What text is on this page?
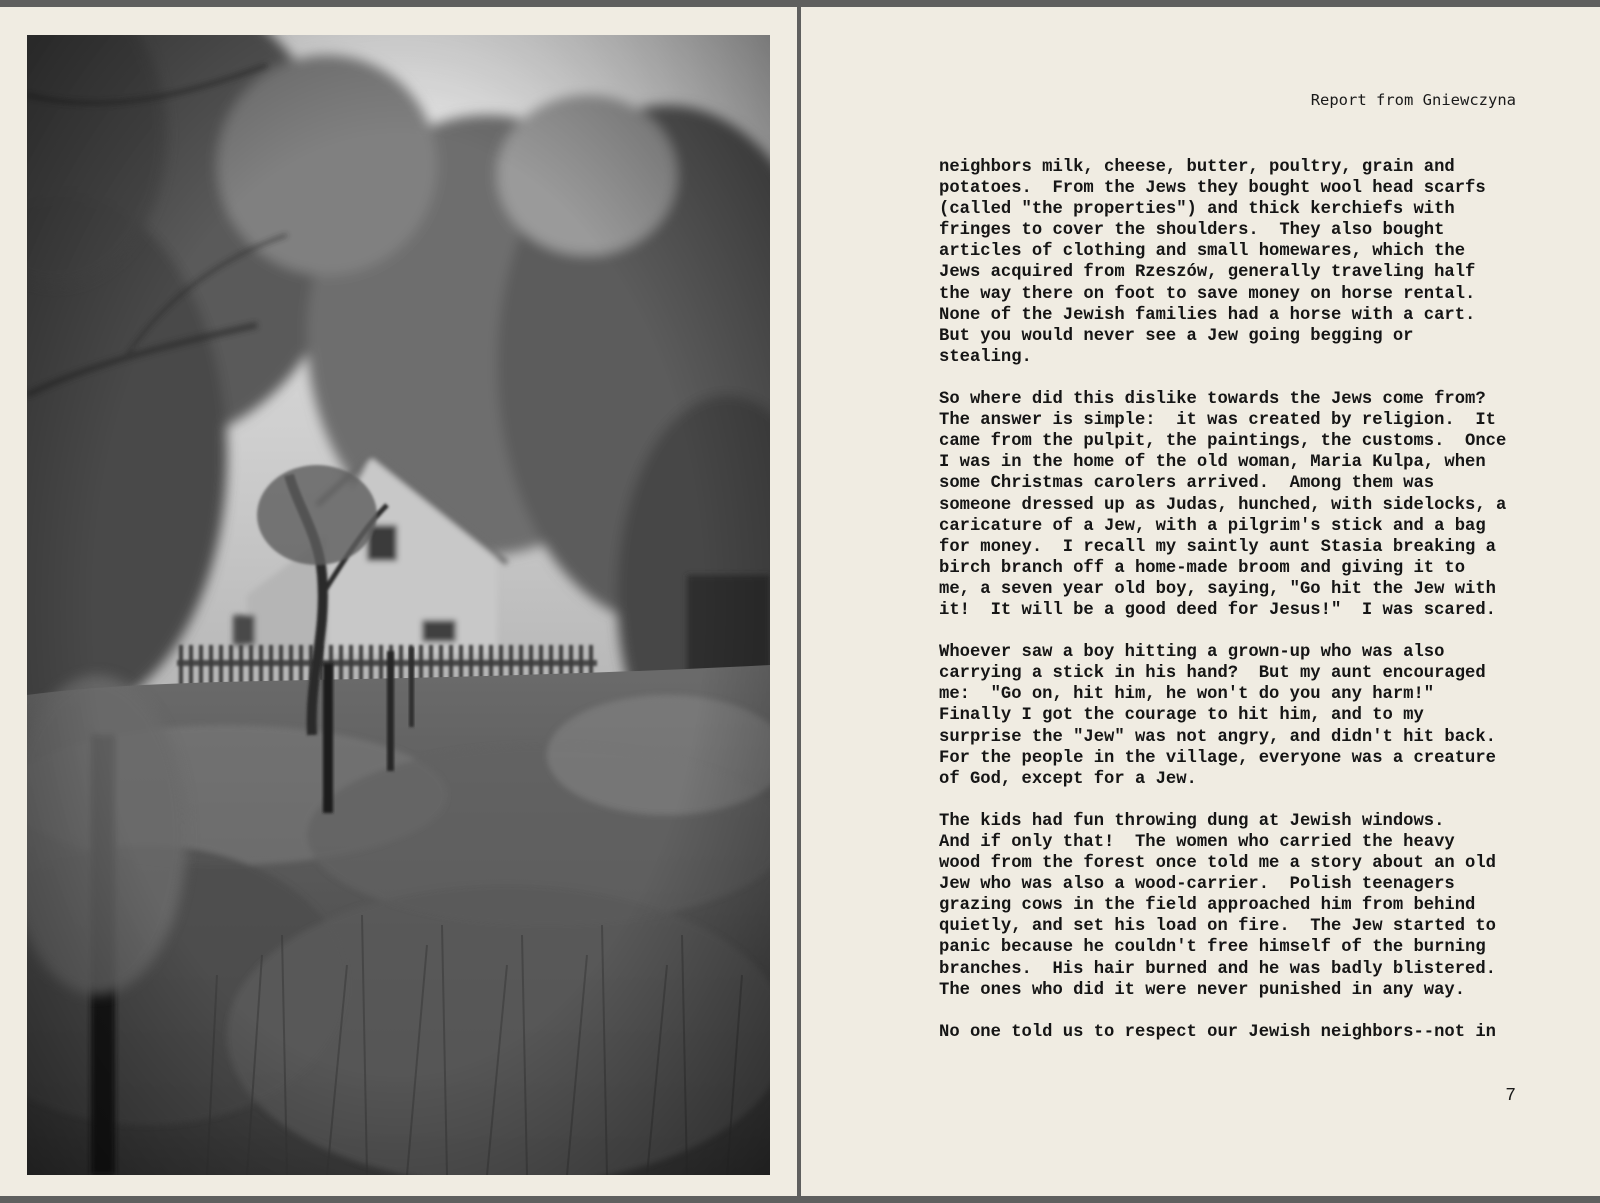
Report from Gniewczyna
neighbors milk, cheese, butter, poultry, grain and
potatoes.  From the Jews they bought wool head scarfs
(called "the properties") and thick kerchiefs with
fringes to cover the shoulders.  They also bought
articles of clothing and small homewares, which the
Jews acquired from Rzeszów, generally traveling half
the way there on foot to save money on horse rental.
None of the Jewish families had a horse with a cart.
But you would never see a Jew going begging or
stealing.
So where did this dislike towards the Jews come from?
The answer is simple:  it was created by religion.  It
came from the pulpit, the paintings, the customs.  Once
I was in the home of the old woman, Maria Kulpa, when
some Christmas carolers arrived.  Among them was
someone dressed up as Judas, hunched, with sidelocks, a
caricature of a Jew, with a pilgrim's stick and a bag
for money.  I recall my saintly aunt Stasia breaking a
birch branch off a home-made broom and giving it to
me, a seven year old boy, saying, "Go hit the Jew with
it!  It will be a good deed for Jesus!"  I was scared.
Whoever saw a boy hitting a grown-up who was also
carrying a stick in his hand?  But my aunt encouraged
me:  "Go on, hit him, he won't do you any harm!"
Finally I got the courage to hit him, and to my
surprise the "Jew" was not angry, and didn't hit back.
For the people in the village, everyone was a creature
of God, except for a Jew.
The kids had fun throwing dung at Jewish windows.
And if only that!  The women who carried the heavy
wood from the forest once told me a story about an old
Jew who was also a wood-carrier.  Polish teenagers
grazing cows in the field approached him from behind
quietly, and set his load on fire.  The Jew started to
panic because he couldn't free himself of the burning
branches.  His hair burned and he was badly blistered.
The ones who did it were never punished in any way.
No one told us to respect our Jewish neighbors--not in
7
